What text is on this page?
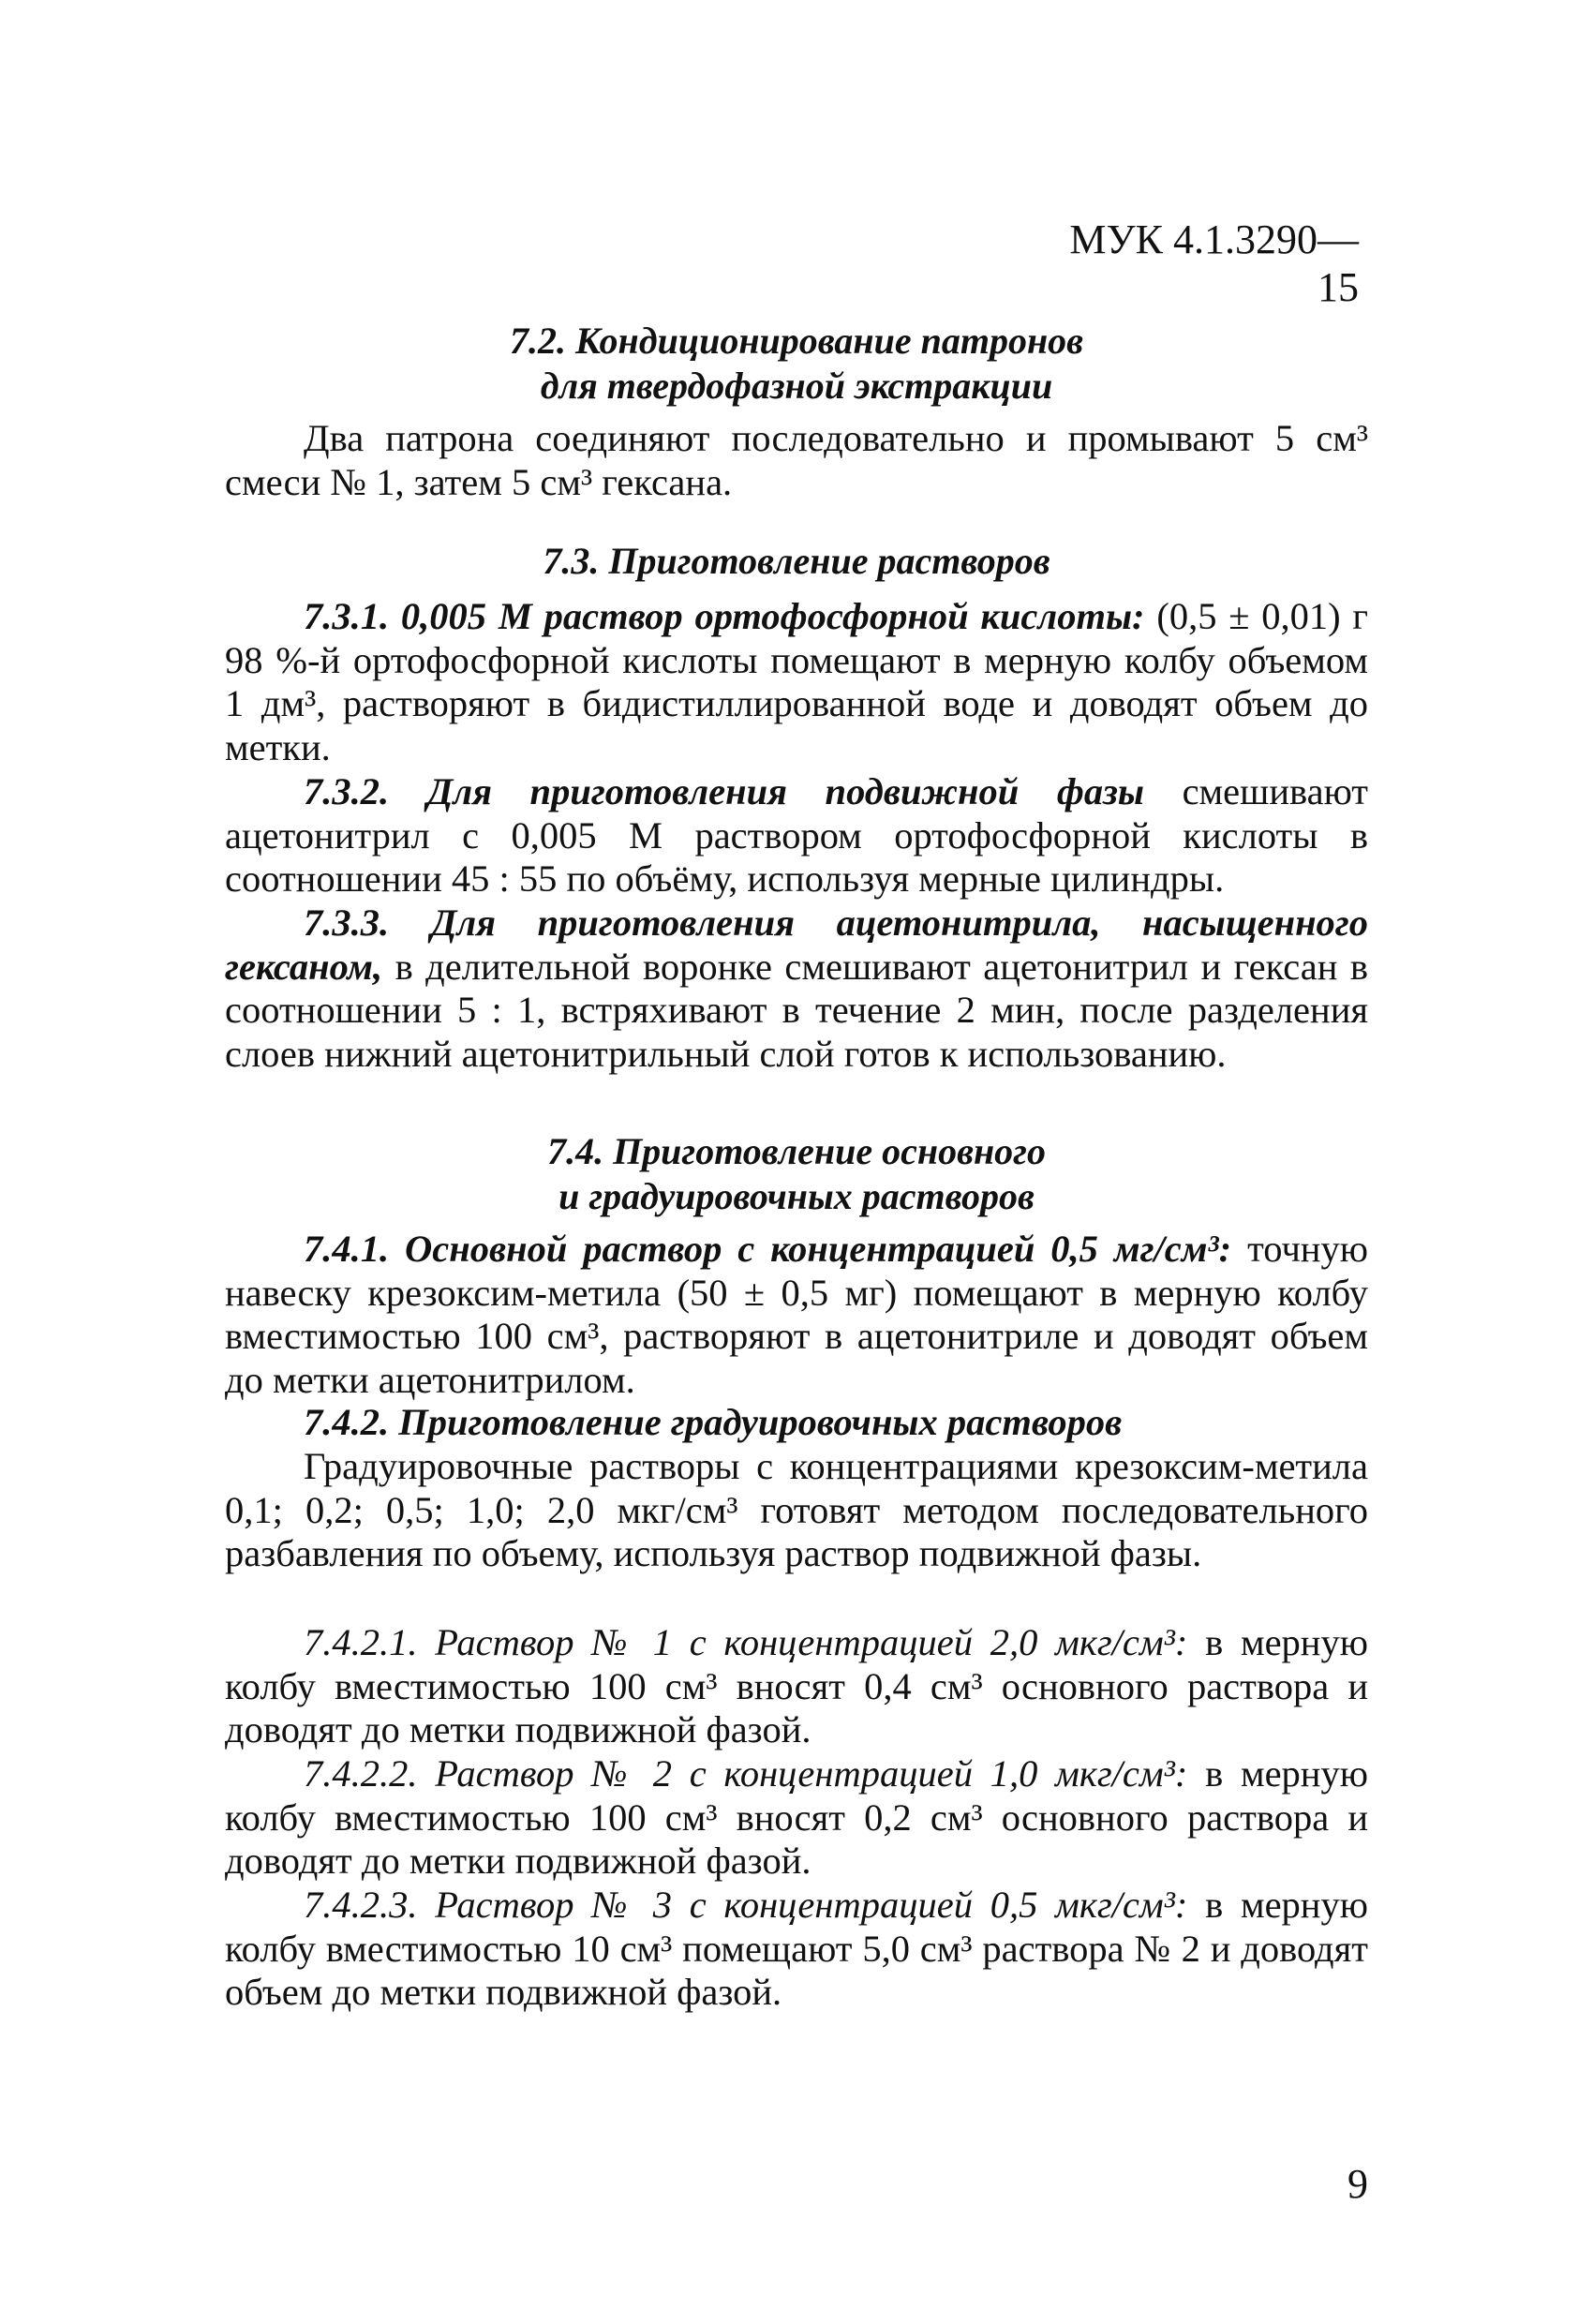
МУК 4.1.3290—15
7.2. Кондиционирование патронов
для твердофазной экстракции
Два патрона соединяют последовательно и промывают 5 см³ смеси № 1, затем 5 см³ гексана.
7.3. Приготовление растворов
7.3.1. 0,005 М раствор ортофосфорной кислоты: (0,5 ± 0,01) г 98 %-й ортофосфорной кислоты помещают в мерную колбу объемом 1 дм³, растворяют в бидистиллированной воде и доводят объем до метки.
7.3.2. Для приготовления подвижной фазы смешивают ацетонитрил с 0,005 М раствором ортофосфорной кислоты в соотношении 45 : 55 по объёму, используя мерные цилиндры.
7.3.3. Для приготовления ацетонитрила, насыщенного гексаном, в делительной воронке смешивают ацетонитрил и гексан в соотношении 5 : 1, встряхивают в течение 2 мин, после разделения слоев нижний ацетонитрильный слой готов к использованию.
7.4. Приготовление основного
и градуировочных растворов
7.4.1. Основной раствор с концентрацией 0,5 мг/см³: точную навеску крезоксим-метила (50 ± 0,5 мг) помещают в мерную колбу вместимостью 100 см³, растворяют в ацетонитриле и доводят объем до метки ацетонитрилом.
7.4.2. Приготовление градуировочных растворов
Градуировочные растворы с концентрациями крезоксим-метила 0,1; 0,2; 0,5; 1,0; 2,0 мкг/см³ готовят методом последовательного разбавления по объему, используя раствор подвижной фазы.
7.4.2.1. Раствор № 1 с концентрацией 2,0 мкг/см³: в мерную колбу вместимостью 100 см³ вносят 0,4 см³ основного раствора и доводят до метки подвижной фазой.
7.4.2.2. Раствор № 2 с концентрацией 1,0 мкг/см³: в мерную колбу вместимостью 100 см³ вносят 0,2 см³ основного раствора и доводят до метки подвижной фазой.
7.4.2.3. Раствор № 3 с концентрацией 0,5 мкг/см³: в мерную колбу вместимостью 10 см³ помещают 5,0 см³ раствора № 2 и доводят объем до метки подвижной фазой.
9
